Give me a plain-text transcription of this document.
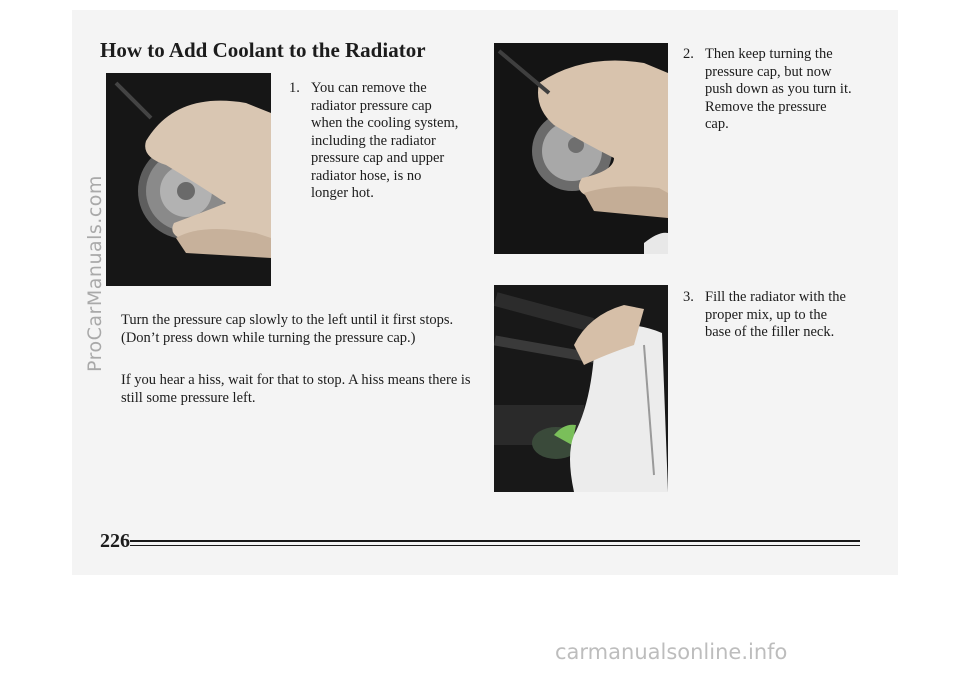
How to Add Coolant to the Radiator
1. You can remove the radiator pressure cap when the cooling system, including the radiator pressure cap and upper radiator hose, is no longer hot.
2. Then keep turning the pressure cap, but now push down as you turn it. Remove the pressure cap.
Turn the pressure cap slowly to the left until it first stops. (Don’t press down while turning the pressure cap.)
If you hear a hiss, wait for that to stop. A hiss means there is still some pressure left.
3. Fill the radiator with the proper mix, up to the base of the filler neck.
226
ProCarManuals.com
carmanualsonline.info
